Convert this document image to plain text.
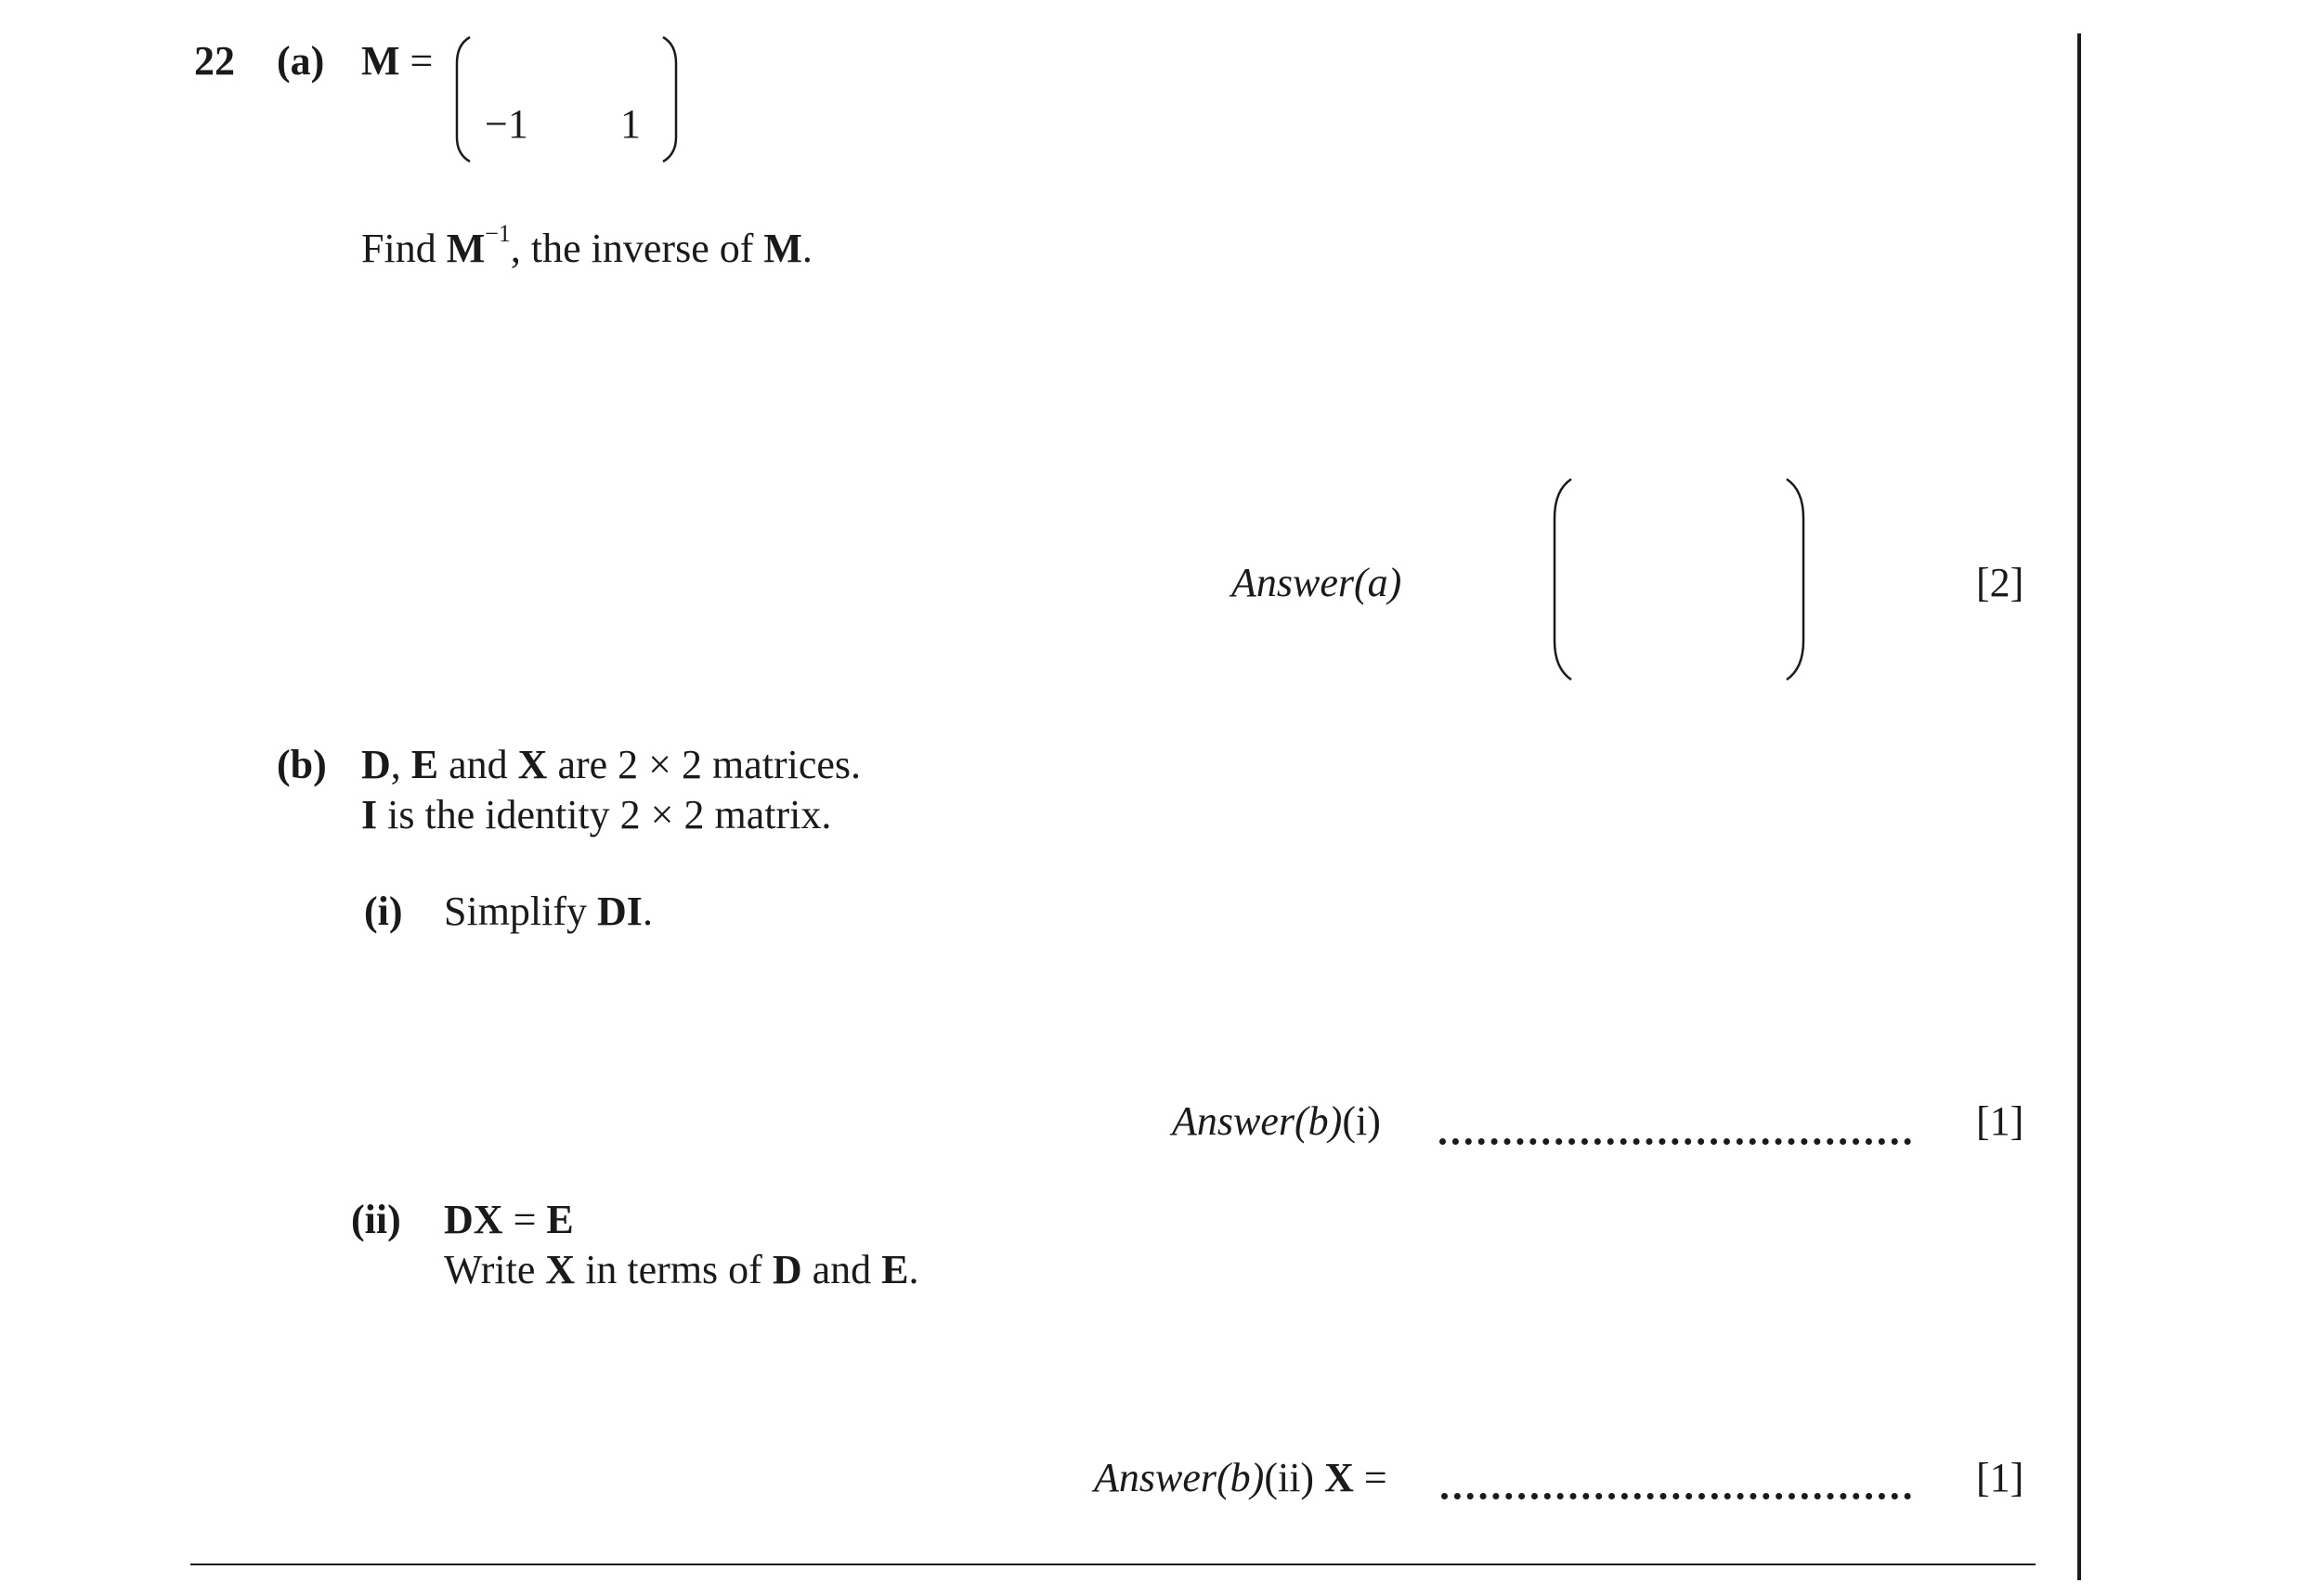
22 (a) M =
−1 1
Find $M^{-1}$, the inverse of M.
Answer(a)	[2]
(b) D, E and X are 2 × 2 matrices.
I is the identity 2 × 2 matrix.
(i) Simplify DI.
Answer(b)(i)	[1]
(ii) DX = E
Write X in terms of D and E.
Answer(b)(ii) X =	[1]
